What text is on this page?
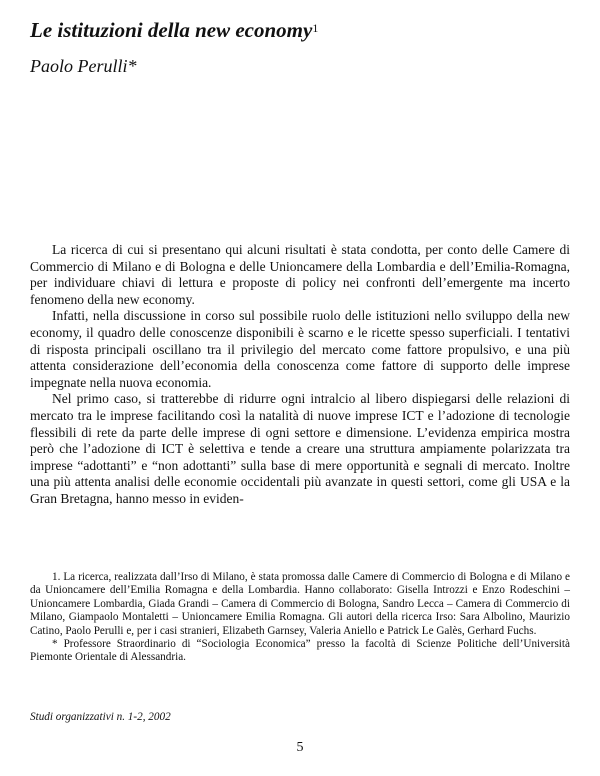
Le istituzioni della new economy$^1$
Paolo Perulli*

La ricerca di cui si presentano qui alcuni risultati è stata condotta, per conto delle Camere di Commercio di Milano e di Bologna e delle Unioncamere della Lombardia e dell’Emilia-Romagna, per individuare chiavi di lettura e proposte di policy nei confronti dell’emergente ma incerto fenomeno della new economy.

Infatti, nella discussione in corso sul possibile ruolo delle istituzioni nello sviluppo della new economy, il quadro delle conoscenze disponibili è scarno e le ricette spesso superficiali. I tentativi di risposta principali oscillano tra il privilegio del mercato come fattore propulsivo, e una più attenta considerazione dell’economia della conoscenza come fattore di supporto delle imprese impegnate nella nuova economia.

Nel primo caso, si tratterebbe di ridurre ogni intralcio al libero dispiegarsi delle relazioni di mercato tra le imprese facilitando così la natalità di nuove imprese ICT e l’adozione di tecnologie flessibili di rete da parte delle imprese di ogni settore e dimensione. L’evidenza empirica mostra però che l’adozione di ICT è selettiva e tende a creare una struttura ampiamente polarizzata tra imprese “adottanti” e “non adottanti” sulla base di mere opportunità e segnali di mercato. Inoltre una più attenta analisi delle economie occidentali più avanzate in questi settori, come gli USA e la Gran Bretagna, hanno messo in eviden-

1. La ricerca, realizzata dall’Irso di Milano, è stata promossa dalle Camere di Commercio di Bologna e di Milano e da Unioncamere dell’Emilia Romagna e della Lombardia. Hanno collaborato: Gisella Introzzi e Enzo Rodeschini – Unioncamere Lombardia, Giada Grandi – Camera di Commercio di Bologna, Sandro Lecca – Camera di Commercio di Milano, Giampaolo Montaletti – Unioncamere Emilia Romagna. Gli autori della ricerca Irso: Sara Albolino, Maurizio Catino, Paolo Perulli e, per i casi stranieri, Elizabeth Garnsey, Valeria Aniello e Patrick Le Galès, Gerhard Fuchs.

* Professore Straordinario di “Sociologia Economica” presso la facoltà di Scienze Politiche dell’Università Piemonte Orientale di Alessandria.

Studi organizzativi n. 1-2, 2002
5
